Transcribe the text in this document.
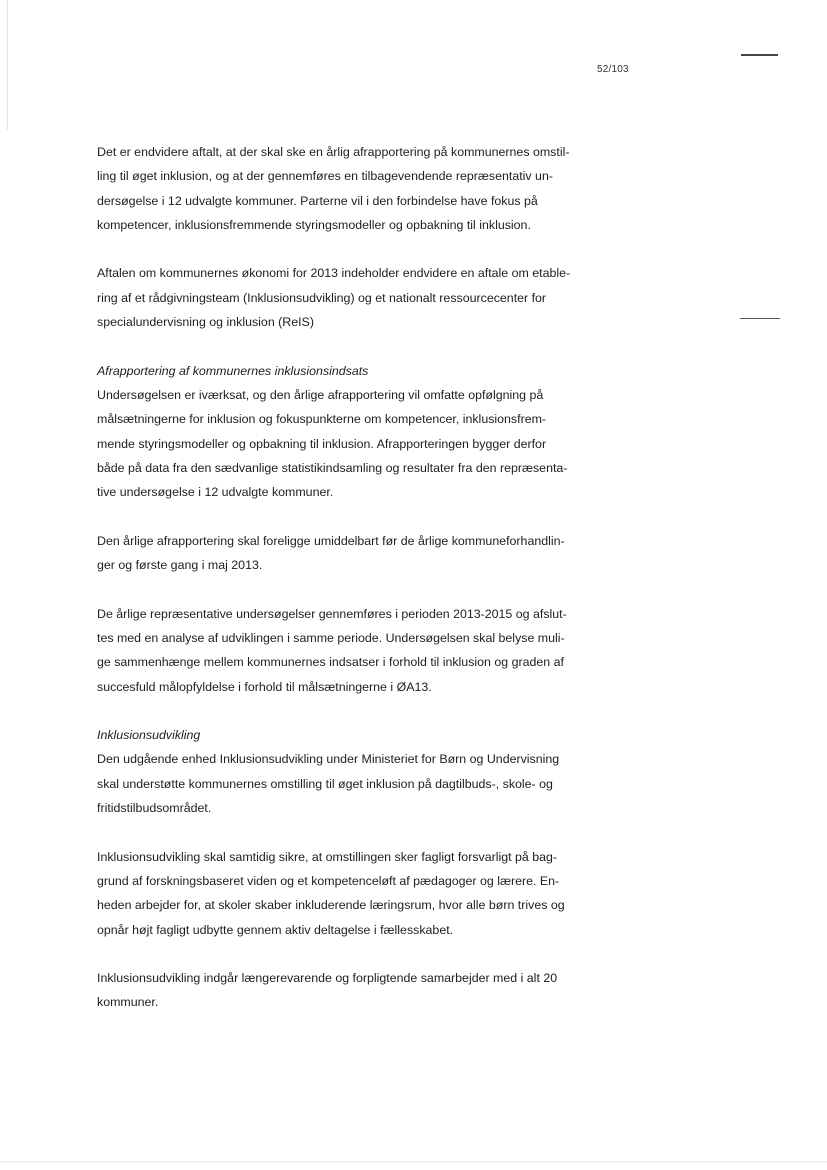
52/103

Det er endvidere aftalt, at der skal ske en årlig afrapportering på kommunernes omstil-
ling til øget inklusion, og at der gennemføres en tilbagevendende repræsentativ un-
dersøgelse i 12 udvalgte kommuner. Parterne vil i den forbindelse have fokus på
kompetencer, inklusionsfremmende styringsmodeller og opbakning til inklusion.

Aftalen om kommunernes økonomi for 2013 indeholder endvidere en aftale om etable-
ring af et rådgivningsteam (Inklusionsudvikling) og et nationalt ressourcecenter for
specialundervisning og inklusion (ReIS)

Afrapportering af kommunernes inklusionsindsats
Undersøgelsen er iværksat, og den årlige afrapportering vil omfatte opfølgning på
målsætningerne for inklusion og fokuspunkterne om kompetencer, inklusionsfrem-
mende styringsmodeller og opbakning til inklusion. Afrapporteringen bygger derfor
både på data fra den sædvanlige statistikindsamling og resultater fra den repræsenta-
tive undersøgelse i 12 udvalgte kommuner.

Den årlige afrapportering skal foreligge umiddelbart før de årlige kommuneforhandlin-
ger og første gang i maj 2013.

De årlige repræsentative undersøgelser gennemføres i perioden 2013-2015 og afslut-
tes med en analyse af udviklingen i samme periode. Undersøgelsen skal belyse muli-
ge sammenhænge mellem kommunernes indsatser i forhold til inklusion og graden af
succesfuld målopfyldelse i forhold til målsætningerne i ØA13.

Inklusionsudvikling
Den udgående enhed Inklusionsudvikling under Ministeriet for Børn og Undervisning
skal understøtte kommunernes omstilling til øget inklusion på dagtilbuds-, skole- og
fritidstilbudsområdet.

Inklusionsudvikling skal samtidig sikre, at omstillingen sker fagligt forsvarligt på bag-
grund af forskningsbaseret viden og et kompetenceløft af pædagoger og lærere. En-
heden arbejder for, at skoler skaber inkluderende læringsrum, hvor alle børn trives og
opnår højt fagligt udbytte gennem aktiv deltagelse i fællesskabet.

Inklusionsudvikling indgår længerevarende og forpligtende samarbejder med i alt 20
kommuner.
